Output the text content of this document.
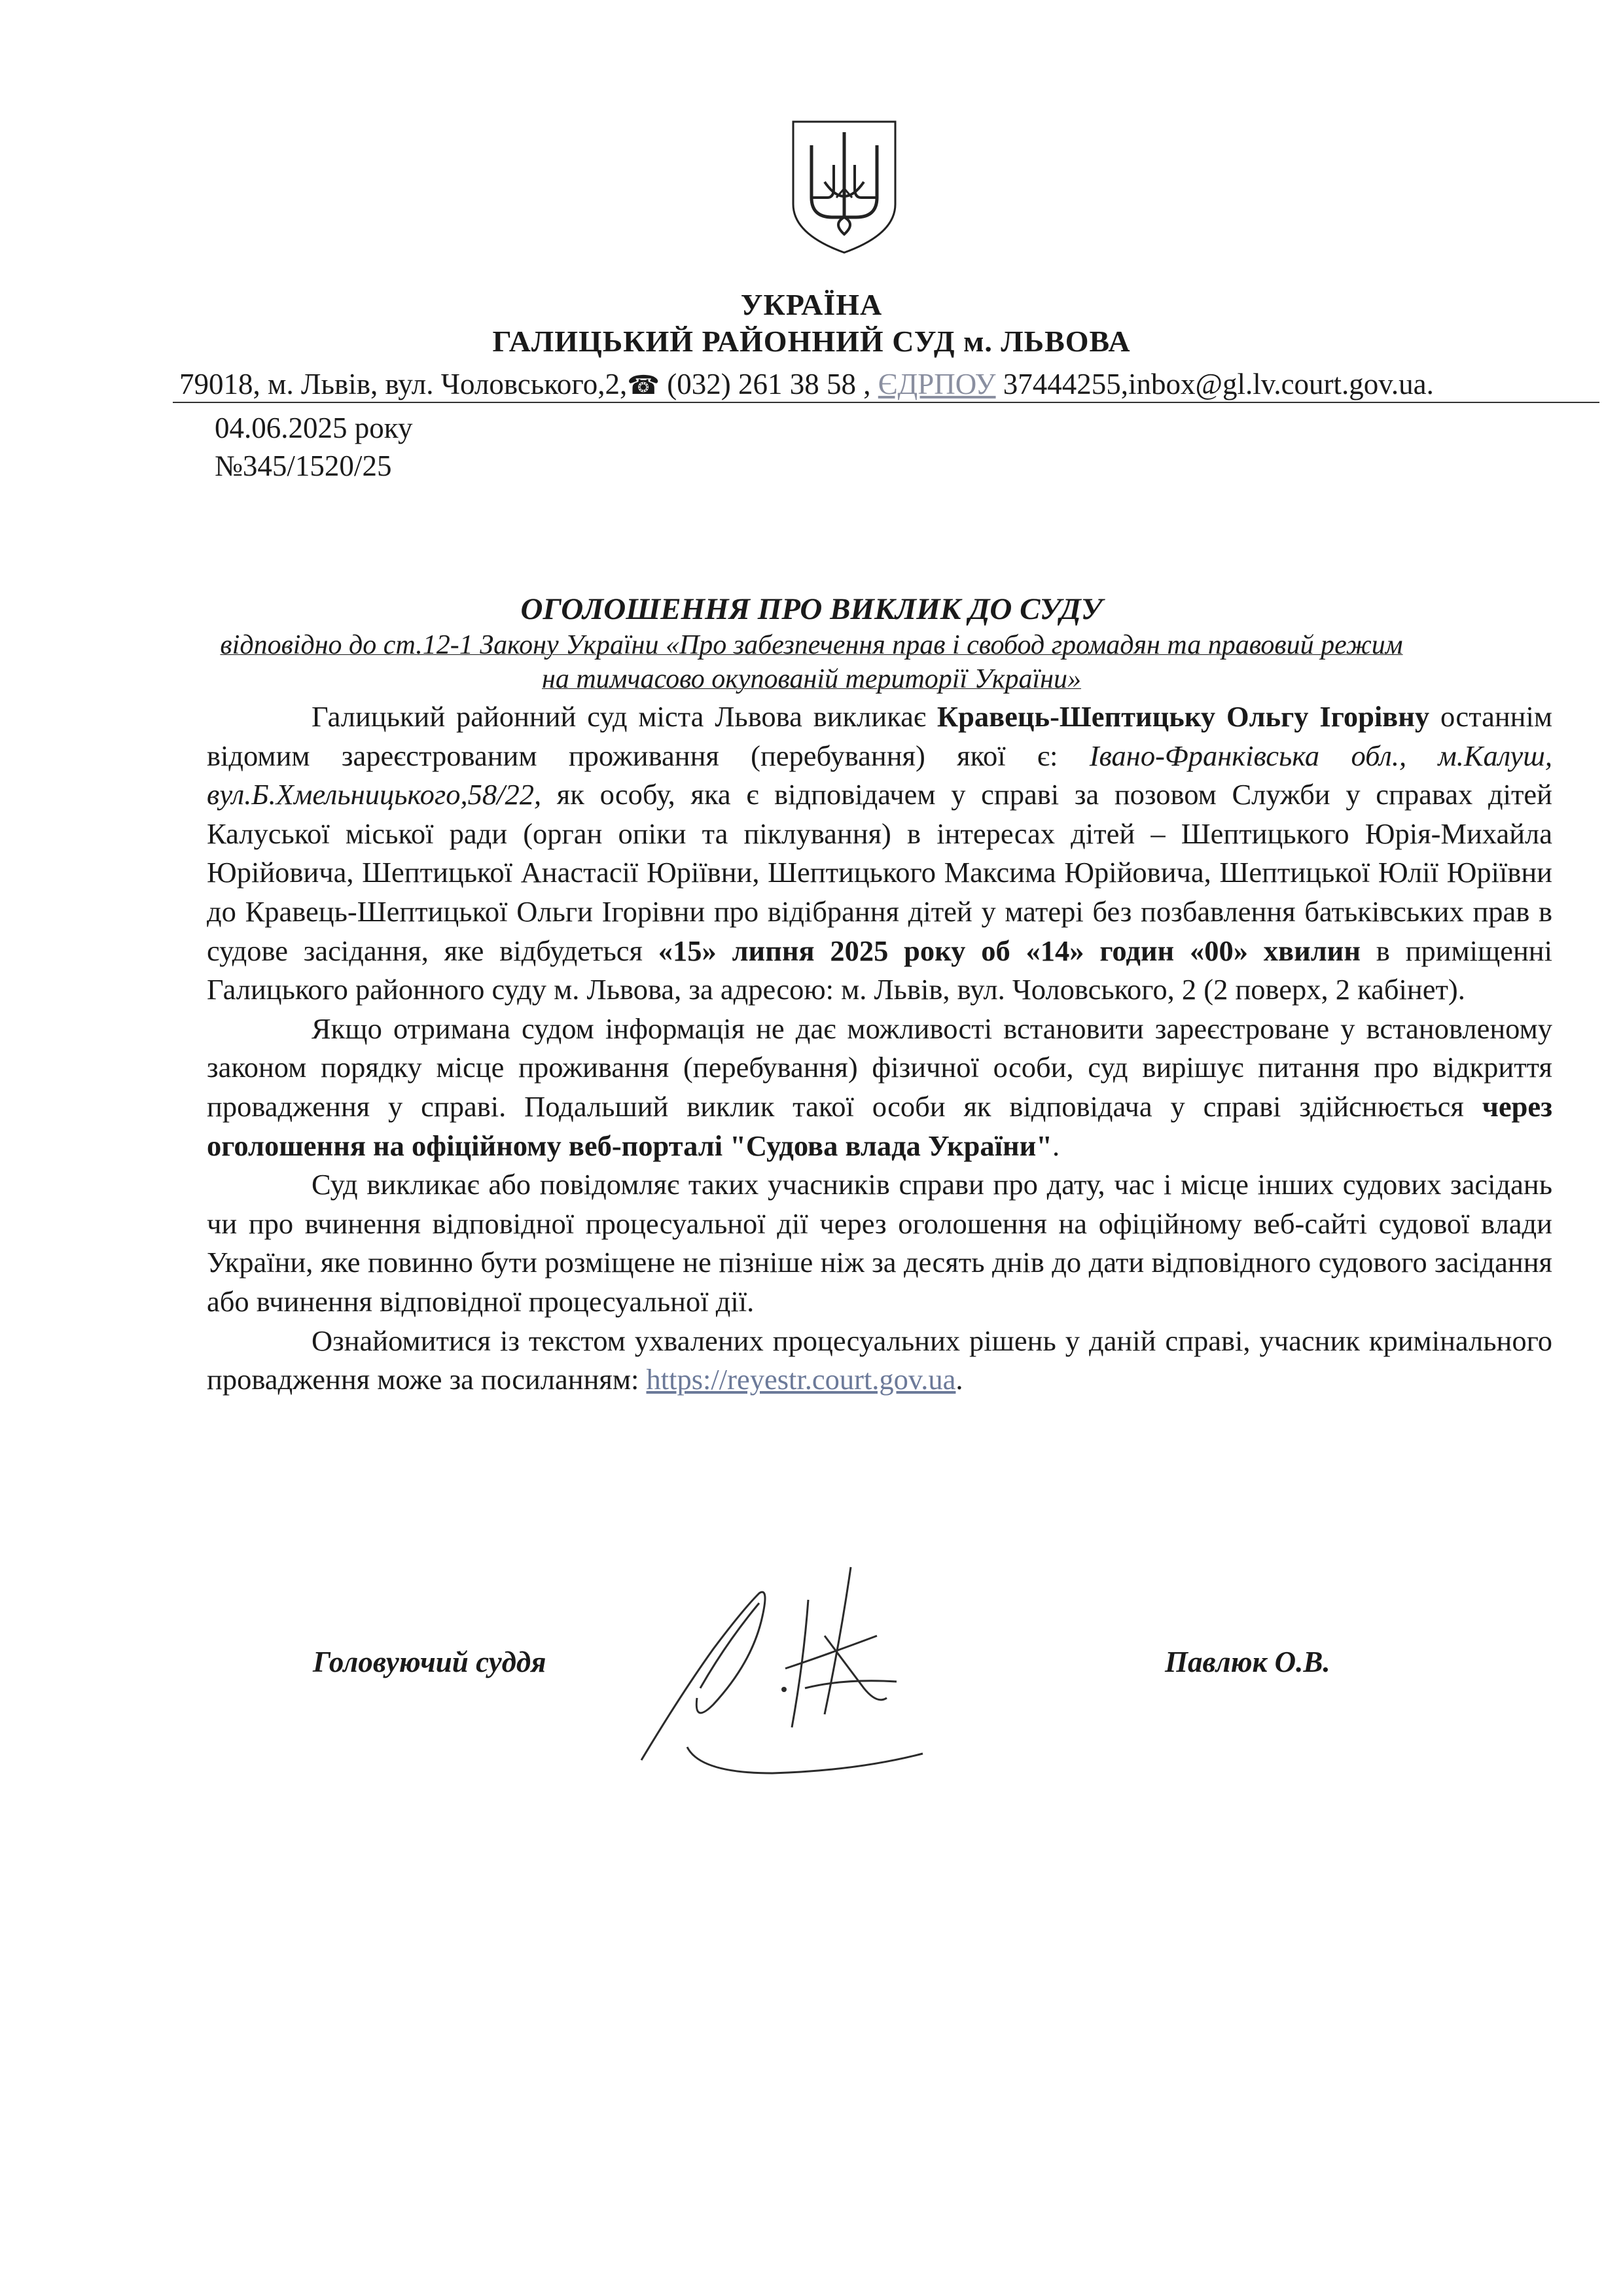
УКРАЇНА
ГАЛИЦЬКИЙ РАЙОННИЙ СУД м. ЛЬВОВА
79018, м. Львів, вул. Чоловського,2,☎ (032) 261 38 58 , ЄДРПОУ 37444255,inbox@gl.lv.court.gov.ua.
04.06.2025 року
№345/1520/25
ОГОЛОШЕННЯ ПРО ВИКЛИК ДО СУДУ
відповідно до ст.12-1 Закону України «Про забезпечення прав і свобод громадян та правовий режим
на тимчасово окупованій території України»

Галицький районний суд міста Львова викликає Кравець-Шептицьку Ольгу Ігорівну останнім відомим зареєстрованим проживання (перебування) якої є: Івано-Франківська обл., м.Калуш, вул.Б.Хмельницького,58/22, як особу, яка є відповідачем у справі за позовом Служби у справах дітей Калуської міської ради (орган опіки та піклування) в інтересах дітей – Шептицького Юрія-Михайла Юрійовича, Шептицької Анастасії Юріївни, Шептицького Максима Юрійовича, Шептицької Юлії Юріївни до Кравець-Шептицької Ольги Ігорівни про відібрання дітей у матері без позбавлення батьківських прав в судове засідання, яке відбудеться «15» липня 2025 року об «14» годин «00» хвилин в приміщенні Галицького районного суду м. Львова, за адресою: м. Львів, вул. Чоловського, 2 (2 поверх, 2 кабінет).

Якщо отримана судом інформація не дає можливості встановити зареєстроване у встановленому законом порядку місце проживання (перебування) фізичної особи, суд вирішує питання про відкриття провадження у справі. Подальший виклик такої особи як відповідача у справі здійснюється через оголошення на офіційному веб-порталі "Судова влада України".

Суд викликає або повідомляє таких учасників справи про дату, час і місце інших судових засідань чи про вчинення відповідної процесуальної дії через оголошення на офіційному веб-сайті судової влади України, яке повинно бути розміщене не пізніше ніж за десять днів до дати відповідного судового засідання або вчинення відповідної процесуальної дії.

Ознайомитися із текстом ухвалених процесуальних рішень у даній справі, учасник кримінального провадження може за посиланням: https://reyestr.court.gov.ua.

Головуючий суддя	Павлюк О.В.
